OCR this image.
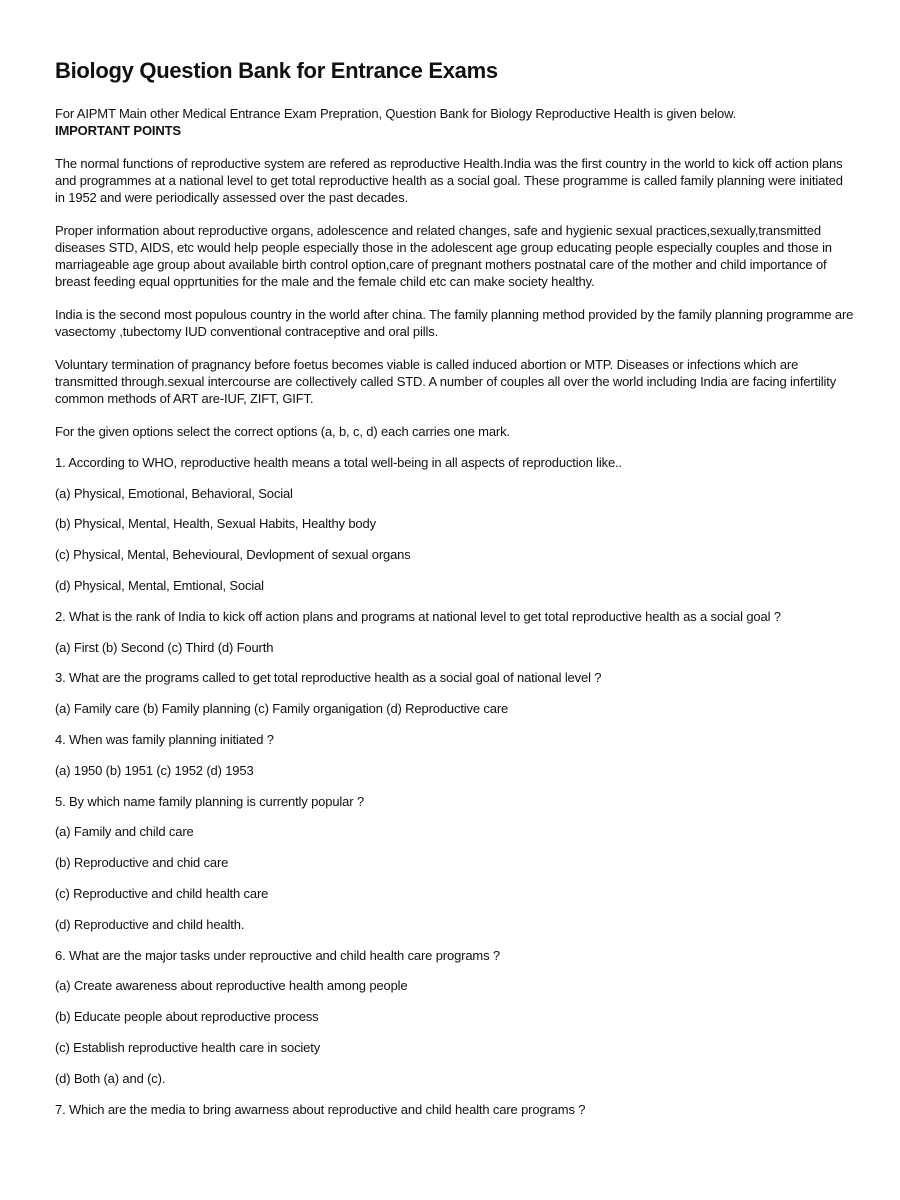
Biology Question Bank for Entrance Exams

For AIPMT Main other Medical Entrance Exam Prepration, Question Bank for Biology Reproductive Health is given below.

IMPORTANT POINTS

The normal functions of reproductive system are refered as reproductive Health.India was the first country in the world to kick off action plans and programmes at a national level to get total reproductive health as a social goal. These programme is called family planning were initiated in 1952 and were periodically assessed over the past decades.

Proper information about reproductive organs, adolescence and related changes, safe and hygienic sexual practices,sexually,transmitted diseases STD, AIDS, etc would help people especially those in the adolescent age group educating people especially couples and those in marriageable age group about available birth control option,care of pregnant mothers postnatal care of the mother and child importance of breast feeding equal opprtunities for the male and the female child etc can make society healthy.

India is the second most populous country in the world after china. The family planning method provided by the family planning programme are vasectomy ,tubectomy IUD conventional contraceptive and oral pills.

Voluntary termination of pragnancy before foetus becomes viable is called induced abortion or MTP. Diseases or infections which are transmitted through.sexual intercourse are collectively called STD. A number of couples all over the world including India are facing infertility common methods of ART are-IUF, ZIFT, GIFT.

For the given options select the correct options (a, b, c, d) each carries one mark.

1. According to WHO, reproductive health means a total well-being in all aspects of reproduction like..

(a) Physical, Emotional, Behavioral, Social

(b) Physical, Mental, Health, Sexual Habits, Healthy body

(c) Physical, Mental, Behevioural, Devlopment of sexual organs

(d) Physical, Mental, Emtional, Social

2. What is the rank of India to kick off action plans and programs at national level to get total reproductive health as a social goal ?

(a) First (b) Second (c) Third (d) Fourth

3. What are the programs called to get total reproductive health as a social goal of national level ?

(a) Family care (b) Family planning (c) Family organigation (d) Reproductive care

4. When was family planning initiated ?

(a) 1950 (b) 1951 (c) 1952 (d) 1953

5. By which name family planning is currently popular ?

(a) Family and child care

(b) Reproductive and chid care

(c) Reproductive and child health care

(d) Reproductive and child health.

6. What are the major tasks under reprouctive and child health care programs ?

(a) Create awareness about reproductive health among people

(b) Educate people about reproductive process

(c) Establish reproductive health care in society

(d) Both (a) and (c).

7. Which are the media to bring awarness about reproductive and child health care programs ?
